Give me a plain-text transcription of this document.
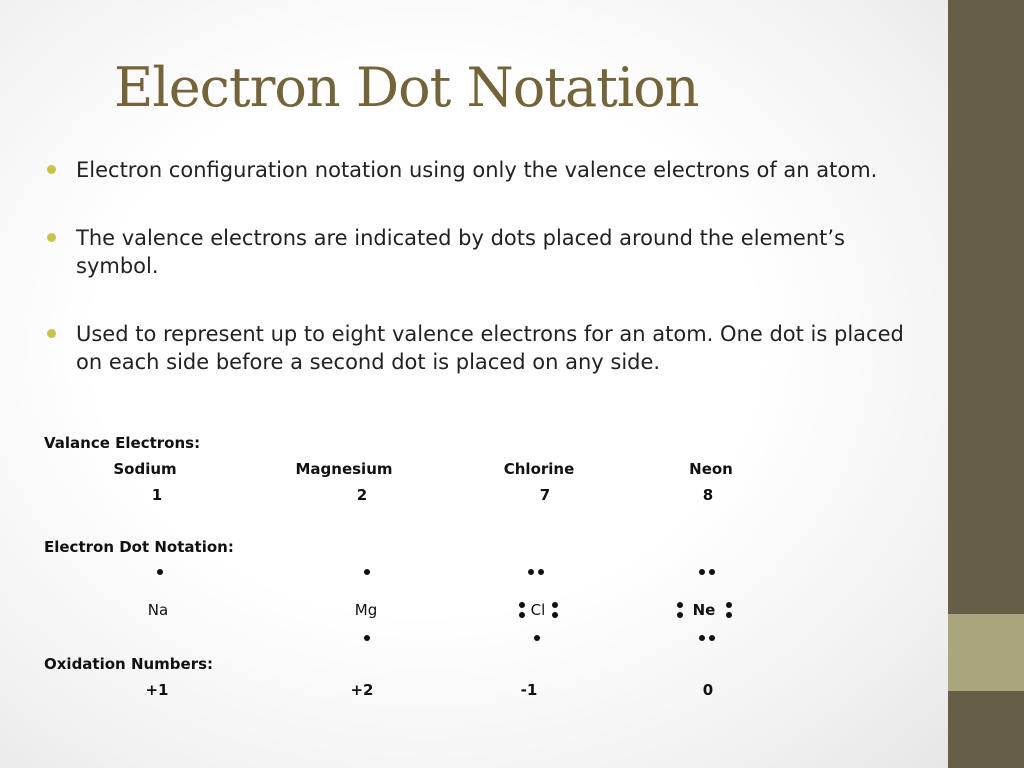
Electron Dot Notation
Electron configuration notation using only the valence electrons of an atom.
The valence electrons are indicated by dots placed around the element’s symbol.
Used to represent up to eight valence electrons for an atom. One dot is placed on each side before a second dot is placed on any side.
Valance Electrons:
Electron Dot Notation:
Oxidation Numbers:
Sodium	Magnesium	Chlorine	Neon
1	2	7	8
Na	Mg	Cl	Ne
+1	+2	-1	0
